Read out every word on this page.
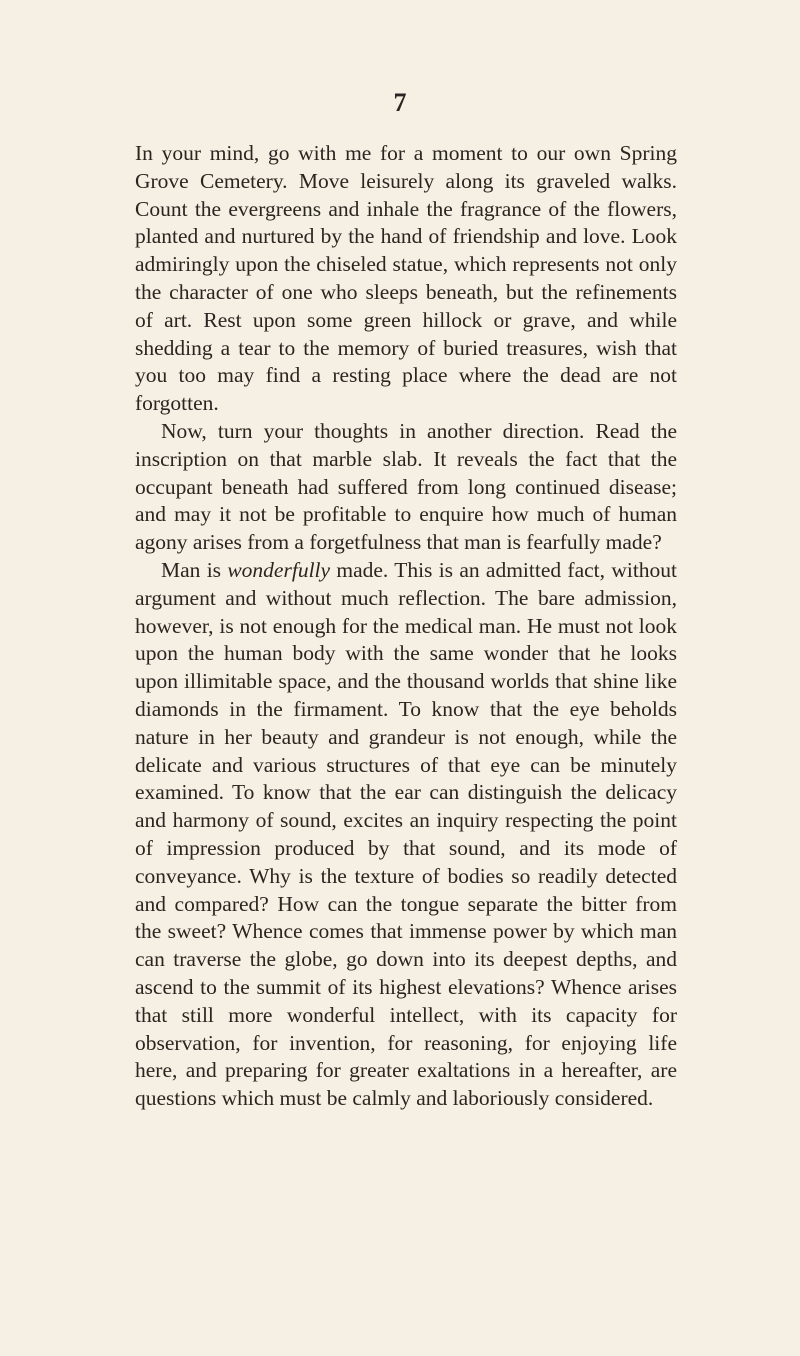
7

In your mind, go with me for a moment to our own Spring Grove Cemetery. Move leisurely along its graveled walks. Count the evergreens and inhale the fragrance of the flowers, planted and nurtured by the hand of friendship and love. Look admiringly upon the chiseled statue, which represents not only the character of one who sleeps beneath, but the refinements of art. Rest upon some green hillock or grave, and while shedding a tear to the memory of buried treasures, wish that you too may find a resting place where the dead are not forgotten.

Now, turn your thoughts in another direction. Read the inscription on that marble slab. It reveals the fact that the occupant beneath had suffered from long continued disease; and may it not be profitable to enquire how much of human agony arises from a forgetfulness that man is fearfully made?

Man is wonderfully made. This is an admitted fact, without argument and without much reflection. The bare admission, however, is not enough for the medical man. He must not look upon the human body with the same wonder that he looks upon illimitable space, and the thousand worlds that shine like diamonds in the firmament. To know that the eye beholds nature in her beauty and grandeur is not enough, while the delicate and various structures of that eye can be minutely examined. To know that the ear can distinguish the delicacy and harmony of sound, excites an inquiry respecting the point of impression produced by that sound, and its mode of conveyance. Why is the texture of bodies so readily detected and compared? How can the tongue separate the bitter from the sweet? Whence comes that immense power by which man can traverse the globe, go down into its deepest depths, and ascend to the summit of its highest elevations? Whence arises that still more wonderful intellect, with its capacity for observation, for invention, for reasoning, for enjoying life here, and preparing for greater exaltations in a hereafter, are questions which must be calmly and laboriously considered.
